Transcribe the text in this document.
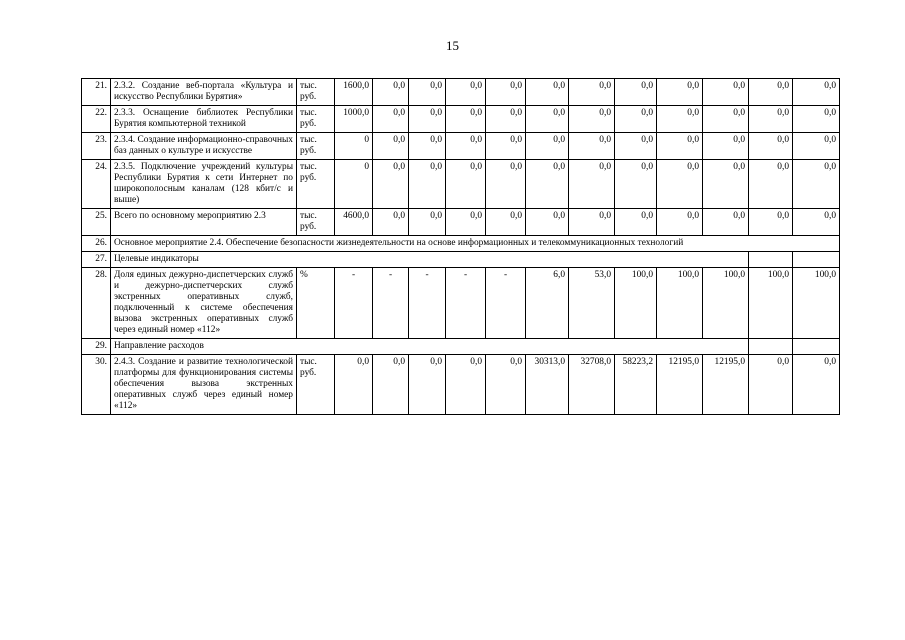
15
21.	2.3.2. Создание веб-портала «Культура и искусство Республики Бурятия»	тыс. руб.	1600,0	0,0	0,0	0,0	0,0	0,0	0,0	0,0	0,0	0,0	0,0	0,0
22.	2.3.3. Оснащение библиотек Республики Бурятия компьютерной техникой	тыс. руб.	1000,0	0,0	0,0	0,0	0,0	0,0	0,0	0,0	0,0	0,0	0,0	0,0
23.	2.3.4. Создание информационно-справочных баз данных о культуре и искусстве	тыс. руб.	0	0,0	0,0	0,0	0,0	0,0	0,0	0,0	0,0	0,0	0,0	0,0
24.	2.3.5. Подключение учреждений культуры Республики Бурятия к сети Интернет по широкополосным каналам (128 кбит/с и выше)	тыс. руб.	0	0,0	0,0	0,0	0,0	0,0	0,0	0,0	0,0	0,0	0,0	0,0
25.	Всего по основному мероприятию 2.3	тыс. руб.	4600,0	0,0	0,0	0,0	0,0	0,0	0,0	0,0	0,0	0,0	0,0	0,0
26.	Основное мероприятие 2.4. Обеспечение безопасности жизнедеятельности на основе информационных и телекоммуникационных технологий													
27.	Целевые индикаторы													
28.	Доля единых дежурно-диспетчерских служб и дежурно-диспетчерских служб экстренных оперативных служб, подключенный к системе обеспечения вызова экстренных оперативных служб через единый номер «112»	%	-	-	-	-	-	6,0	53,0	100,0	100,0	100,0	100,0	100,0
29.	Направление расходов													
30.	2.4.3. Создание и развитие технологической платформы для функционирования системы обеспечения вызова экстренных оперативных служб через единый номер «112»	тыс. руб.	0,0	0,0	0,0	0,0	0,0	30313,0	32708,0	58223,2	12195,0	12195,0	0,0	0,0
